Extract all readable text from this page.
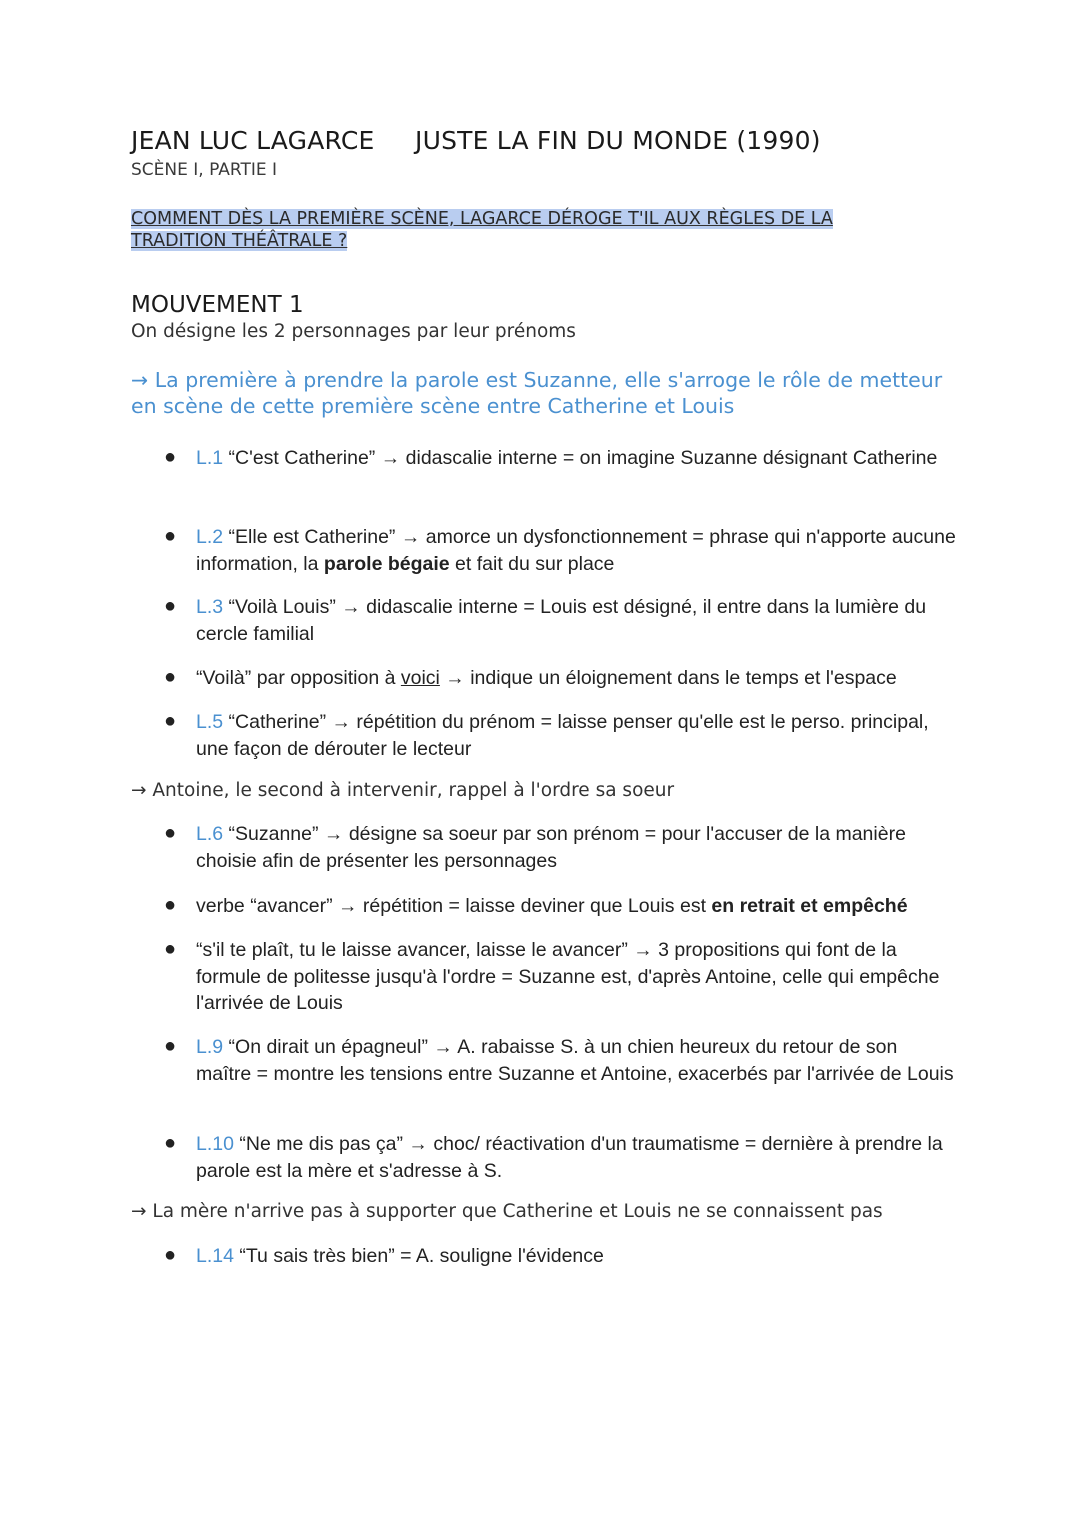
JEAN LUC LAGARCE JUSTE LA FIN DU MONDE (1990)
SCÈNE I, PARTIE I
COMMENT DÈS LA PREMIÈRE SCÈNE, LAGARCE DÉROGE T'IL AUX RÈGLES DE LA TRADITION THÉÂTRALE ?
MOUVEMENT 1
On désigne les 2 personnages par leur prénoms
→ La première à prendre la parole est Suzanne, elle s'arroge le rôle de metteur en scène de cette première scène entre Catherine et Louis
● L.1 “C'est Catherine” → didascalie interne = on imagine Suzanne désignant Catherine
● L.2 “Elle est Catherine” → amorce un dysfonctionnement = phrase qui n'apporte aucune information, la parole bégaie et fait du sur place
● L.3 “Voilà Louis” → didascalie interne = Louis est désigné, il entre dans la lumière du cercle familial
● “Voilà” par opposition à voici → indique un éloignement dans le temps et l'espace
● L.5 “Catherine” → répétition du prénom = laisse penser qu'elle est le perso. principal, une façon de dérouter le lecteur
→ Antoine, le second à intervenir, rappel à l'ordre sa soeur
● L.6 “Suzanne” → désigne sa soeur par son prénom = pour l'accuser de la manière choisie afin de présenter les personnages
● verbe “avancer” → répétition = laisse deviner que Louis est en retrait et empêché
● “s'il te plaît, tu le laisse avancer, laisse le avancer” → 3 propositions qui font de la formule de politesse jusqu'à l'ordre = Suzanne est, d'après Antoine, celle qui empêche l'arrivée de Louis
● L.9 “On dirait un épagneul” → A. rabaisse S. à un chien heureux du retour de son maître = montre les tensions entre Suzanne et Antoine, exacerbés par l'arrivée de Louis
● L.10 “Ne me dis pas ça” → choc/ réactivation d'un traumatisme = dernière à prendre la parole est la mère et s'adresse à S.
→ La mère n'arrive pas à supporter que Catherine et Louis ne se connaissent pas
● L.14 “Tu sais très bien” = A. souligne l'évidence
